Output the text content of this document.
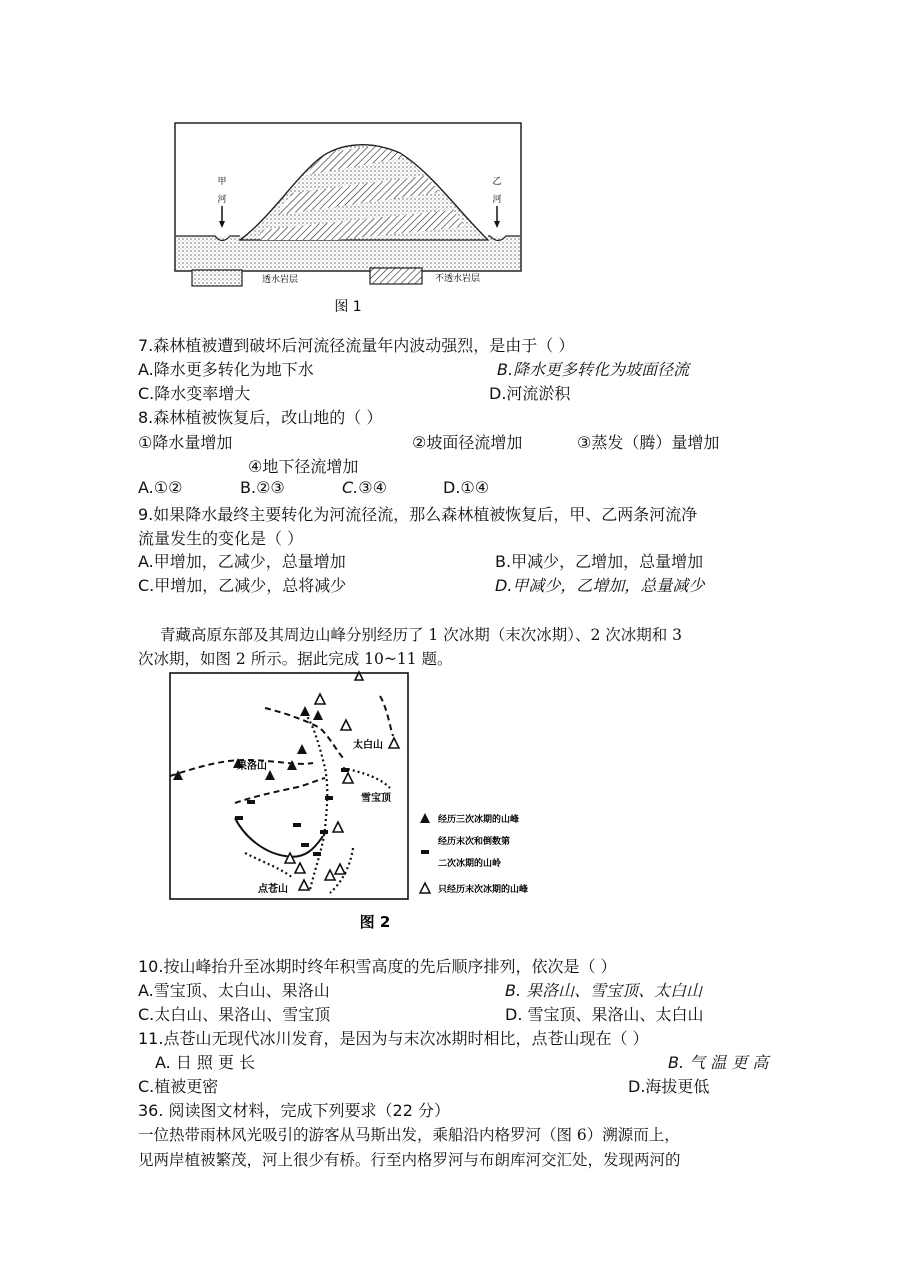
甲
河
乙
河
透水岩层	不透水岩层
图 1
7.森林植被遭到破坏后河流径流量年内波动强烈，是由于（ ）
A.降水更多转化为地下水	B.降水更多转化为坡面径流
C.降水变率增大	D.河流淤积
8.森林植被恢复后，改山地的（ ）
①降水量增加	②坡面径流增加	③蒸发（腾）量增加
④地下径流增加
A.①②	B.②③	C.③④	D.①④
9.如果降水最终主要转化为河流径流，那么森林植被恢复后，甲、乙两条河流净
流量发生的变化是（ ）
A.甲增加，乙减少，总量增加	B.甲减少，乙增加，总量增加
C.甲增加，乙减少，总将减少	D.甲减少，乙增加，总量减少
青藏高原东部及其周边山峰分别经历了 1 次冰期（末次冰期）、2 次冰期和 3
次冰期，如图 2 所示。据此完成 10~11 题。
太白山
果洛山
雪宝顶
点苍山
经历三次冰期的山峰
经历末次和倒数第
二次冰期的山岭
只经历末次冰期的山峰
图 2
10.按山峰抬升至冰期时终年积雪高度的先后顺序排列，依次是（ ）
A.雪宝顶、太白山、果洛山	B. 果洛山、雪宝顶、太白山
C.太白山、果洛山、雪宝顶	D. 雪宝顶、果洛山、太白山
11.点苍山无现代冰川发育，是因为与末次冰期时相比，点苍山现在（ ）
A. 日 照 更 长	B. 气 温 更 高
C.植被更密	D.海拔更低
36. 阅读图文材料，完成下列要求（22 分）
一位热带雨林风光吸引的游客从马斯出发，乘船沿内格罗河（图 6）溯源而上，
见两岸植被繁茂，河上很少有桥。行至内格罗河与布朗库河交汇处，发现两河的
